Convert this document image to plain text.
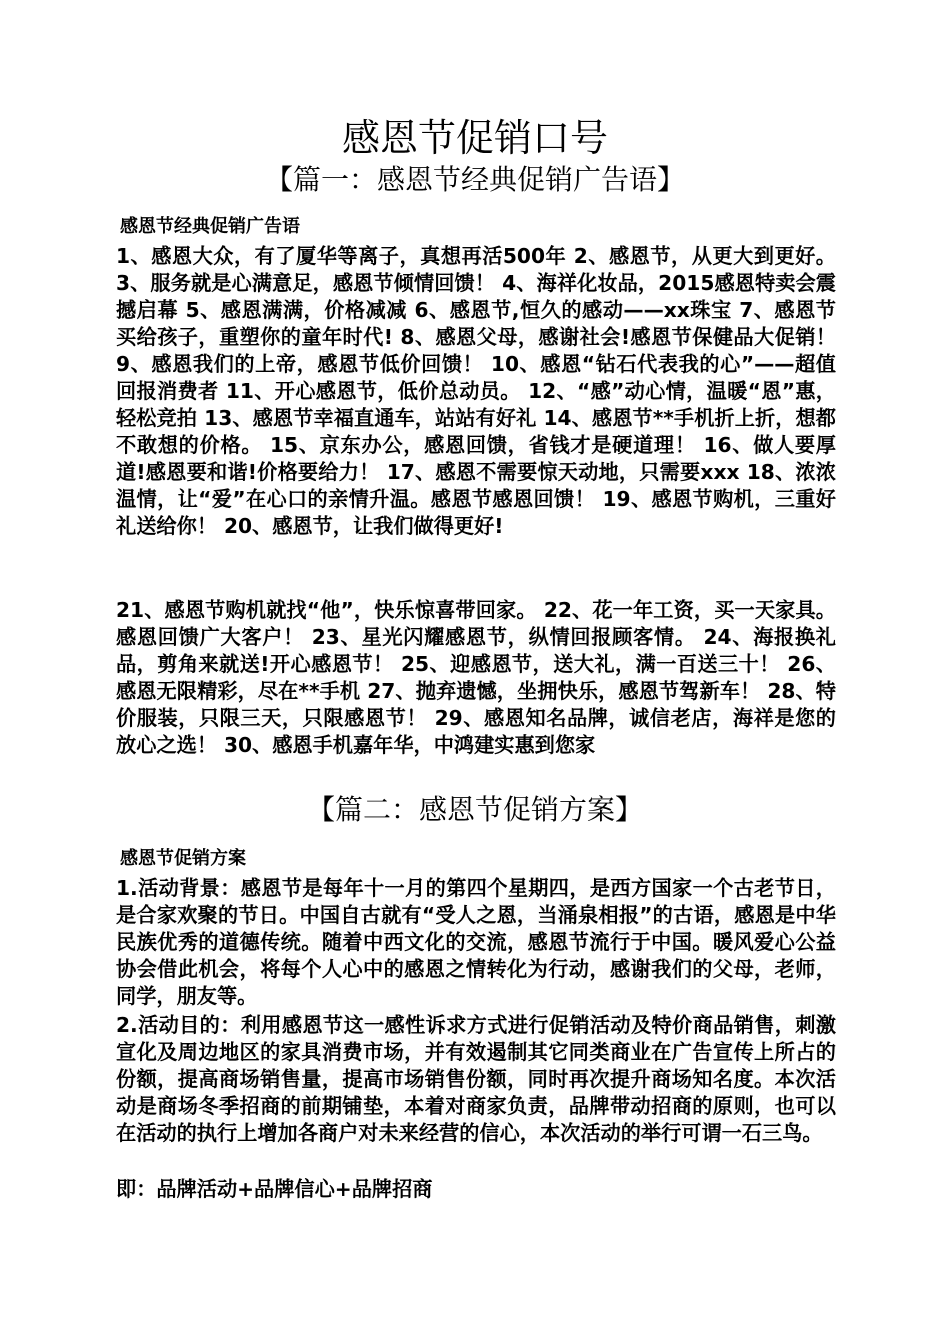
感恩节促销口号
【篇一：感恩节经典促销广告语】

感恩节经典促销广告语

1、感恩大众，有了厦华等离子，真想再活500年 2、感恩节，从更大到更好。 3、服务就是心满意足，感恩节倾情回馈！ 4、海祥化妆品，2015感恩特卖会震撼启幕 5、感恩满满，价格减减 6、感恩节,恒久的感动——xx珠宝 7、感恩节买给孩子，重塑你的童年时代! 8、感恩父母，感谢社会!感恩节保健品大促销！ 9、感恩我们的上帝，感恩节低价回馈！ 10、感恩“钻石代表我的心”——超值回报消费者 11、开心感恩节，低价总动员。 12、“感”动心情，温暖“恩”惠，轻松竞拍 13、感恩节幸福直通车，站站有好礼 14、感恩节**手机折上折，想都不敢想的价格。 15、京东办公，感恩回馈，省钱才是硬道理！ 16、做人要厚道!感恩要和谐!价格要给力！ 17、感恩不需要惊天动地，只需要xxx 18、浓浓温情，让“爱”在心口的亲情升温。感恩节感恩回馈！ 19、感恩节购机，三重好礼送给你！ 20、感恩节，让我们做得更好!

21、感恩节购机就找“他”，快乐惊喜带回家。 22、花一年工资，买一天家具。感恩回馈广大客户！ 23、星光闪耀感恩节，纵情回报顾客情。 24、海报换礼品，剪角来就送!开心感恩节！ 25、迎感恩节，送大礼，满一百送三十！ 26、感恩无限精彩，尽在**手机 27、抛弃遗憾，坐拥快乐，感恩节驾新车！ 28、特价服装，只限三天，只限感恩节！ 29、感恩知名品牌，诚信老店，海祥是您的放心之选！ 30、感恩手机嘉年华，中鸿建实惠到您家

【篇二：感恩节促销方案】

感恩节促销方案

1.活动背景：感恩节是每年十一月的第四个星期四，是西方国家一个古老节日，是合家欢聚的节日。中国自古就有“受人之恩，当涌泉相报”的古语，感恩是中华民族优秀的道德传统。随着中西文化的交流，感恩节流行于中国。暖风爱心公益协会借此机会，将每个人心中的感恩之情转化为行动，感谢我们的父母，老师，同学，朋友等。

2.活动目的：利用感恩节这一感性诉求方式进行促销活动及特价商品销售，刺激宣化及周边地区的家具消费市场，并有效遏制其它同类商业在广告宣传上所占的份额，提高商场销售量，提高市场销售份额，同时再次提升商场知名度。本次活动是商场冬季招商的前期铺垫，本着对商家负责，品牌带动招商的原则，也可以在活动的执行上增加各商户对未来经营的信心，本次活动的举行可谓一石三鸟。

即：品牌活动+品牌信心+品牌招商
